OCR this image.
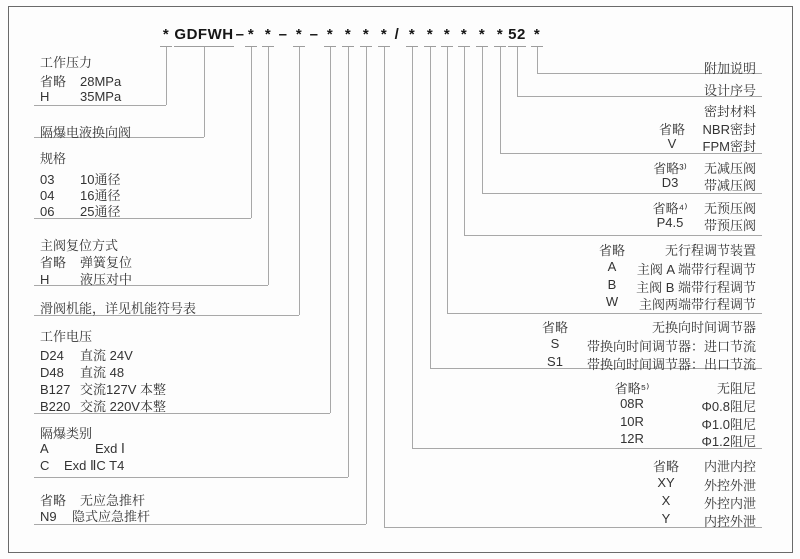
* GDFWH – * * – * – * * * * / * * * * * * 52 *
工作压力
省略 28MPa
H 35MPa
隔爆电液换向阀
规格
03 10通径
04 16通径
06 25通径
主阀复位方式
省略 弹簧复位
H 液压对中
滑阀机能，详见机能符号表
工作电压
D24 直流 24V
D48 直流 48
B127 交流127V 本整
B220 交流 220V本整
隔爆类别
A	Exd Ⅰ
C Exd ⅡC T4
省略 无应急推杆
N9 隐式应急推杆
附加说明
设计序号
密封材料
省略	NBR密封
V	FPM密封
省略³⁾	无减压阀
D3	带减压阀
省略⁴⁾	无预压阀
P4.5	带预压阀
省略	无行程调节装置
A	主阀 A 端带行程调节
B	主阀 B 端带行程调节
W	主阀两端带行程调节
省略	无换向时间调节器
S	带换向时间调节器：进口节流
S1	带换向时间调节器：出口节流
省略⁵⁾	无阻尼
08R	Φ0.8阻尼
10R	Φ1.0阻尼
12R	Φ1.2阻尼
省略	内泄内控
XY	外控外泄
X	外控内泄
Y	内控外泄
